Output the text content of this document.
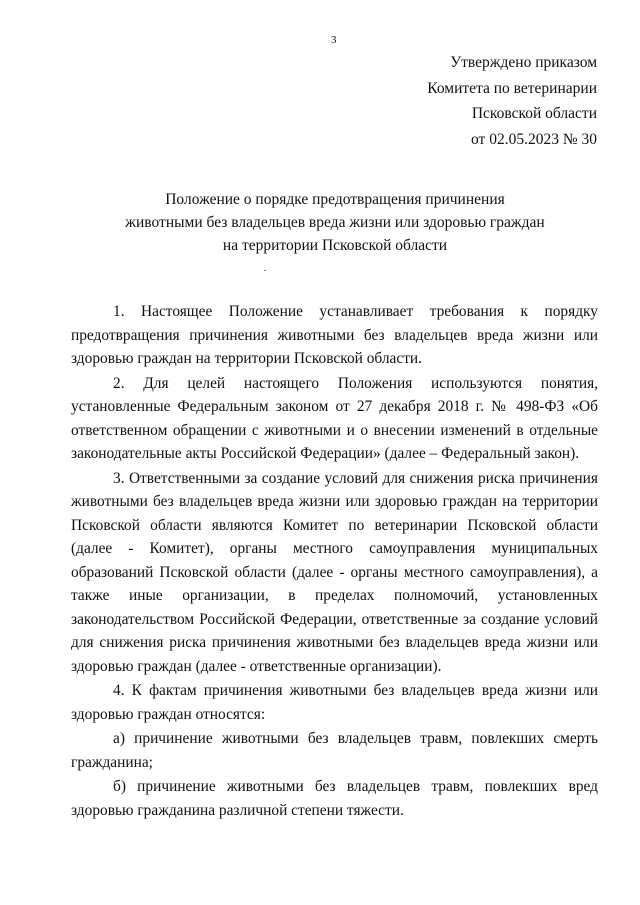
3
Утверждено приказом
Комитета по ветеринарии
Псковской области
от 02.05.2023 № 30
Положение о порядке предотвращения причинения
животными без владельцев вреда жизни или здоровью граждан
на территории Псковской области

1. Настоящее Положение устанавливает требования к порядку предотвращения причинения животными без владельцев вреда жизни или здоровью граждан на территории Псковской области.

2. Для целей настоящего Положения используются понятия, установленные Федеральным законом от 27 декабря 2018 г. № 498-ФЗ «Об ответственном обращении с животными и о внесении изменений в отдельные законодательные акты Российской Федерации» (далее – Федеральный закон).

3. Ответственными за создание условий для снижения риска причинения животными без владельцев вреда жизни или здоровью граждан на территории Псковской области являются Комитет по ветеринарии Псковской области (далее - Комитет), органы местного самоуправления муниципальных образований Псковской области (далее - органы местного самоуправления), а также иные организации, в пределах полномочий, установленных законодательством Российской Федерации, ответственные за создание условий для снижения риска причинения животными без владельцев вреда жизни или здоровью граждан (далее - ответственные организации).

4. К фактам причинения животными без владельцев вреда жизни или здоровью граждан относятся:

а) причинение животными без владельцев травм, повлекших смерть гражданина;

б) причинение животными без владельцев травм, повлекших вред здоровью гражданина различной степени тяжести.
